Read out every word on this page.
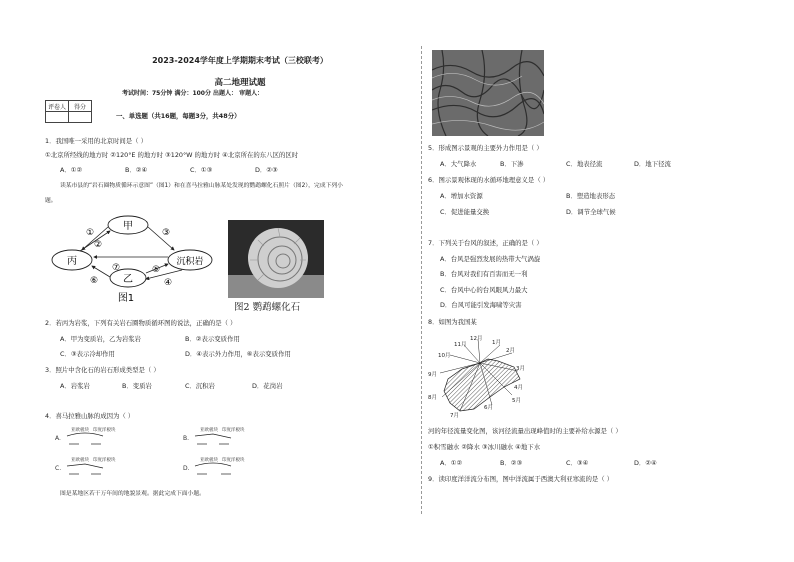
2023-2024学年度上学期期末考试（三校联考）
高二地理试题
考试时间：75分钟 满分：100分 出题人： 审题人：
评卷人	得分

一、单选题（共16题，每题3分，共48分）
1．我国唯一采用的北京时间是（ ）
①北京所经线的地方时 ②120°E 的地方时 ③120°W 的地方时 ④北京所在的东八区的区时
A．①②	B．②④	C．①③	D．②③
读某市县的“岩石圈物质循环示意图”（图1）和在喜马拉雅山脉某处发现的鹦鹉螺化石照片（图2），完成下列小
题。
甲
丙
乙
沉积岩
①
②
③
④
⑤
⑥
⑦
图1
图2 鹦鹉螺化石
2．若丙为岩浆，下列有关岩石圈物质循环图的说法，正确的是（ ）
A．甲为变质岩，乙为岩浆岩	B．②表示变质作用
C．③表示冷却作用	D．④表示外力作用，⑥表示变质作用
3．照片中含化石的岩石形成类型是（ ）
A．岩浆岩	B．变质岩	C．沉积岩	D．花岗岩
4．喜马拉雅山脉的成因为（ ）
A.	B.
C.	D.
亚欧板块 印度洋板块	亚欧板块 印度洋板块
亚欧板块 印度洋板块	亚欧板块 印度洋板块
图是某地区若干万年间的地貌景观。据此完成下面小题。
5．形成图示景观的主要外力作用是（ ）
A．大气降水	B．下渗	C．地表径流	D．地下径流
6．图示景观体现的水循环地理意义是（ ）
A．增加水资源	B．塑造地表形态
C．促进能量交换	D．调节全球气候
7．下列关于台风的叙述，正确的是（ ）
A．台风是强烈发展的热带大气涡旋
B．台风对我们有百害而无一利
C．台风中心的台风眼风力最大
D．台风可能引发海啸等灾害
8．如图为我国某
1月
2月
3月
4月
5月
6月
7月
8月
9月
10月
11月
12月
河的年径流量变化图，该河径流量出现峰值时的主要补给水源是（ ）
①积雪融水 ②降水 ③冰川融水 ④地下水
A．①②	B．②③	C．③④	D．②④
9．读印度洋洋流分布图，图中洋流属于西澳大利亚寒流的是（ ）
